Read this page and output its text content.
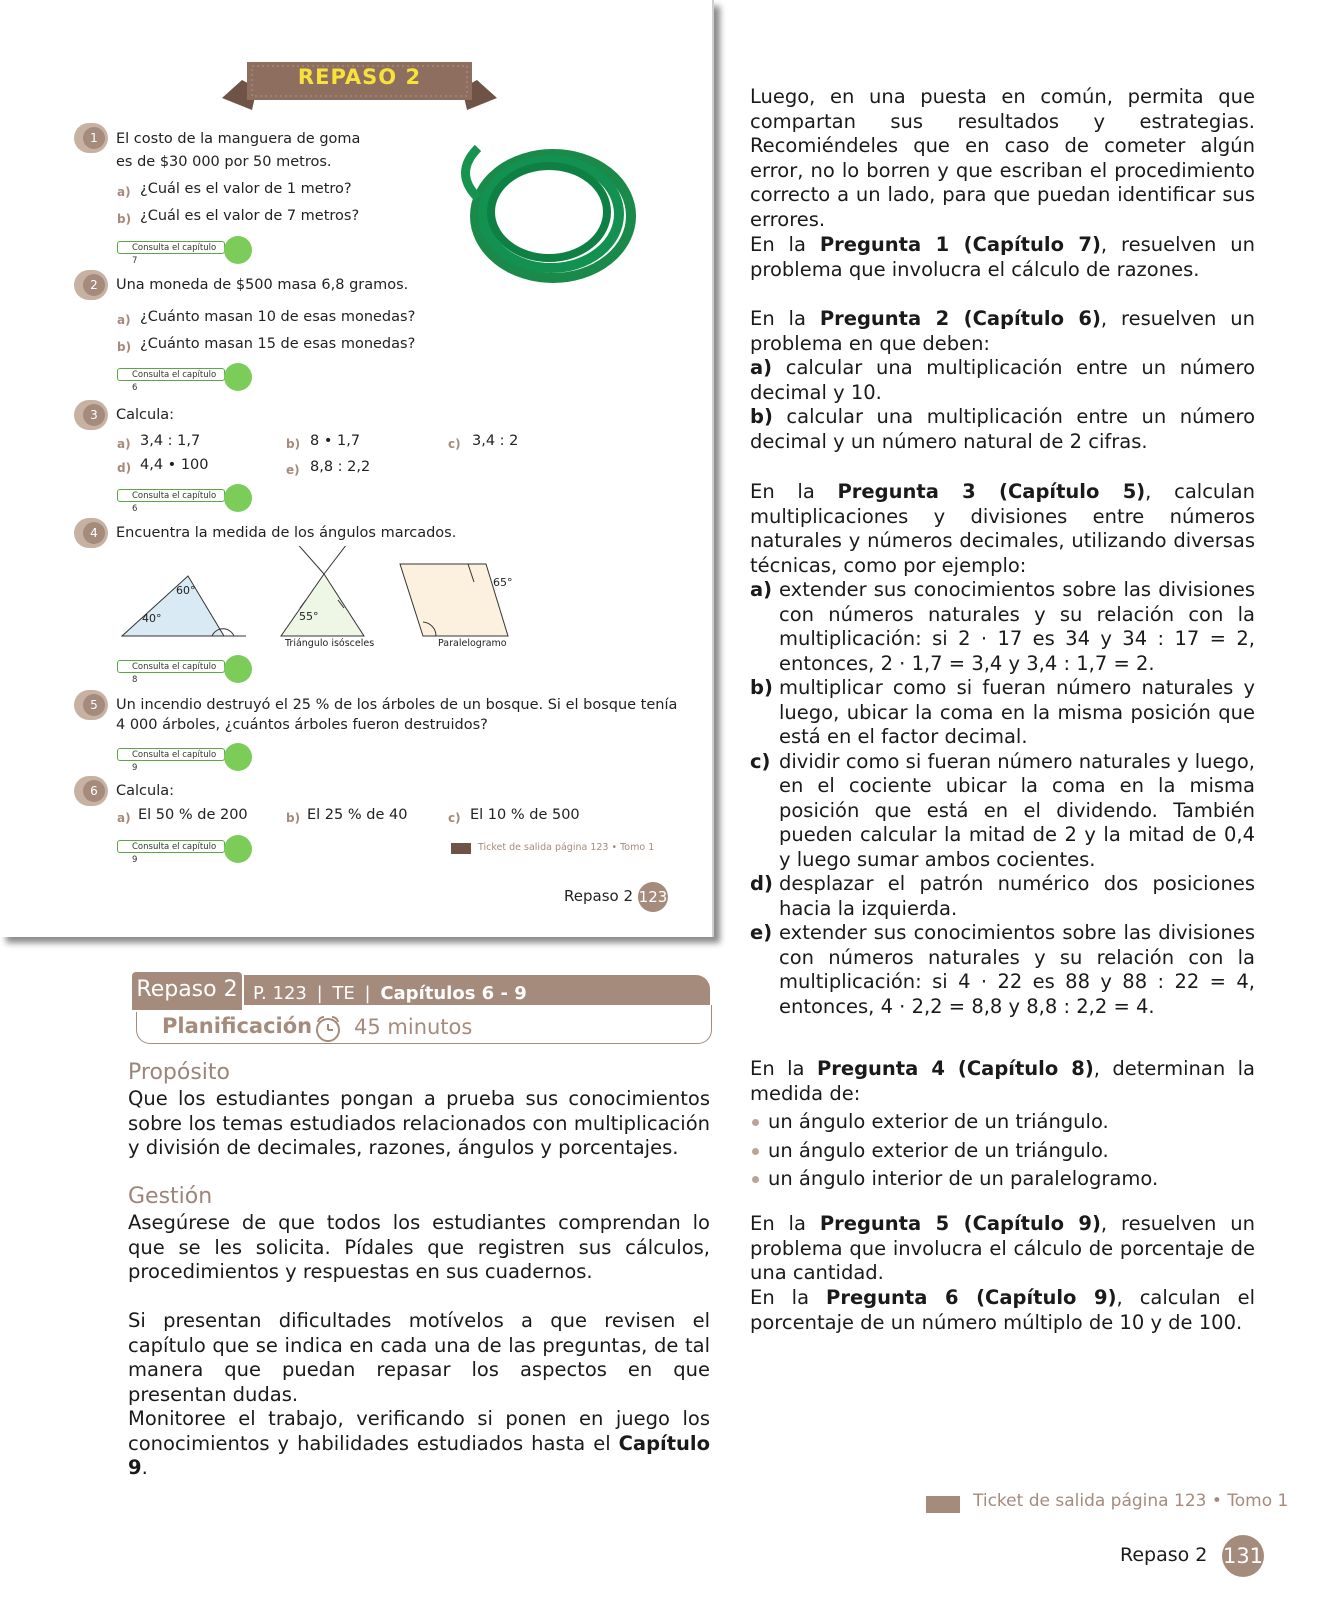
REPASO 2
1	El costo de la manguera de goma
es de $30 000 por 50 metros.
a) ¿Cuál es el valor de 1 metro?
b) ¿Cuál es el valor de 7 metros?
Consulta el capítulo 7
2	Una moneda de $500 masa 6,8 gramos.
a) ¿Cuánto masan 10 de esas monedas?
b) ¿Cuánto masan 15 de esas monedas?
Consulta el capítulo 6
3	Calcula:
a) 3,4 : 1,7	b) 8 • 1,7	c) 3,4 : 2
d) 4,4 • 100	e) 8,8 : 2,2
Consulta el capítulo 6
4	Encuentra la medida de los ángulos marcados.
60°
40°	55°
Triángulo isósceles
65°
Paralelogramo
Consulta el capítulo 8
5	Un incendio destruyó el 25 % de los árboles de un bosque. Si el bosque tenía
4 000 árboles, ¿cuántos árboles fueron destruidos?
Consulta el capítulo 9
6	Calcula:
a) El 50 % de 200	b) El 25 % de 40	c) El 10 % de 500
Consulta el capítulo 9
Ticket de salida página 123 • Tomo 1
Repaso 2 123
Repaso 2 P. 123 | TE | Capítulos 6 - 9
Planificación 45 minutos
Propósito
Que los estudiantes pongan a prueba sus conocimientos sobre los temas estudiados relacionados con multiplicación y división de decimales, razones, ángulos y porcentajes.
Gestión
Asegúrese de que todos los estudiantes comprendan lo que se les solicita. Pídales que registren sus cálculos, procedimientos y respuestas en sus cuadernos.
Si presentan dificultades motívelos a que revisen el capítulo que se indica en cada una de las preguntas, de tal manera que puedan repasar los aspectos en que presentan dudas.
Monitoree el trabajo, verificando si ponen en juego los conocimientos y habilidades estudiados hasta el Capítulo 9.
Luego, en una puesta en común, permita que compartan sus resultados y estrategias. Recomiéndeles que en caso de cometer algún error, no lo borren y que escriban el procedimiento correcto a un lado, para que puedan identificar sus errores.
En la Pregunta 1 (Capítulo 7), resuelven un problema que involucra el cálculo de razones.
En la Pregunta 2 (Capítulo 6), resuelven un problema en que deben:
a) calcular una multiplicación entre un número decimal y 10.
b) calcular una multiplicación entre un número decimal y un número natural de 2 cifras.
En la Pregunta 3 (Capítulo 5), calculan multiplicaciones y divisiones entre números naturales y números decimales, utilizando diversas técnicas, como por ejemplo:
a) extender sus conocimientos sobre las divisiones con números naturales y su relación con la multiplicación: si 2 · 17 es 34 y 34 : 17 = 2, entonces, 2 · 1,7 = 3,4 y 3,4 : 1,7 = 2.
b) multiplicar como si fueran número naturales y luego, ubicar la coma en la misma posición que está en el factor decimal.
c) dividir como si fueran número naturales y luego, en el cociente ubicar la coma en la misma posición que está en el dividendo. También pueden calcular la mitad de 2 y la mitad de 0,4 y luego sumar ambos cocientes.
d) desplazar el patrón numérico dos posiciones hacia la izquierda.
e) extender sus conocimientos sobre las divisiones con números naturales y su relación con la multiplicación: si 4 · 22 es 88 y 88 : 22 = 4, entonces, 4 · 2,2 = 8,8 y 8,8 : 2,2 = 4.
En la Pregunta 4 (Capítulo 8), determinan la medida de:
un ángulo exterior de un triángulo.
un ángulo exterior de un triángulo.
un ángulo interior de un paralelogramo.
En la Pregunta 5 (Capítulo 9), resuelven un problema que involucra el cálculo de porcentaje de una cantidad.
En la Pregunta 6 (Capítulo 9), calculan el porcentaje de un número múltiplo de 10 y de 100.
Ticket de salida página 123 • Tomo 1
Repaso 2 131
